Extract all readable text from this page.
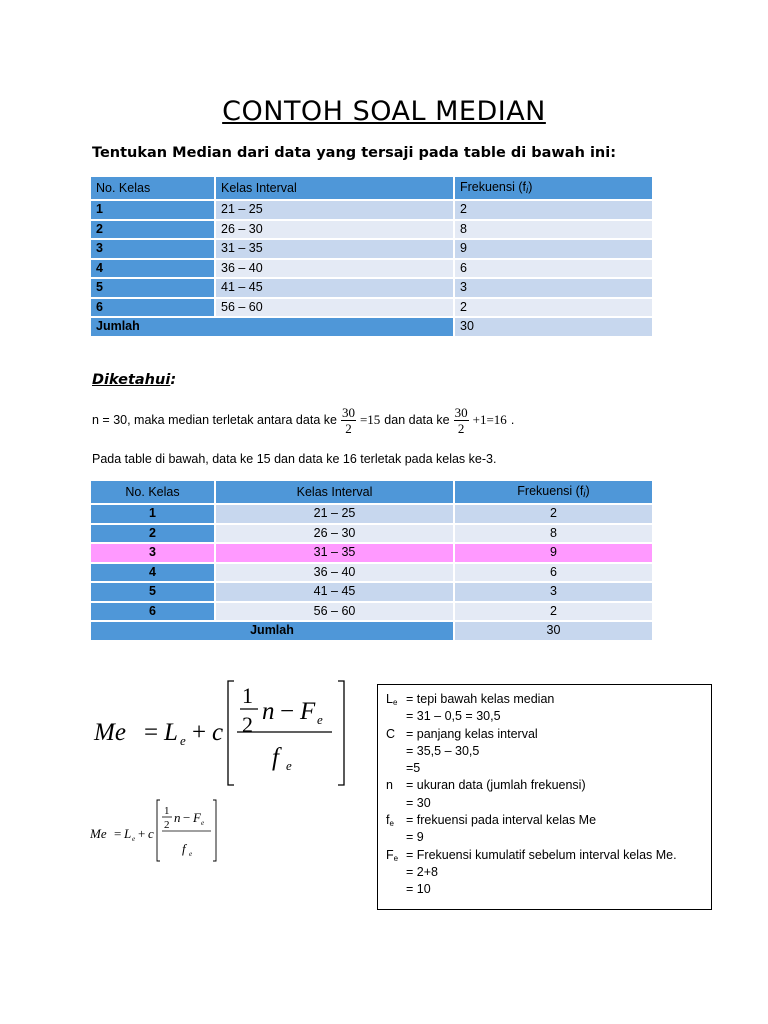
CONTOH SOAL MEDIAN
Tentukan Median dari data yang tersaji pada table di bawah ini:
No. Kelas	Kelas Interval	Frekuensi (fi)
1	21 – 25	2
2	26 – 30	8
3	31 – 35	9
4	36 – 40	6
5	41 – 45	3
6	56 – 60	2
Jumlah		30
Diketahui:
n = 30, maka median terletak antara data ke $\frac{30}{2} =15$ dan data ke $\frac{30}{2} +1=16$ .
Pada table di bawah, data ke 15 dan data ke 16 terletak pada kelas ke-3.
No. Kelas	Kelas Interval	Frekuensi (fi)
1	21 – 25	2
2	26 – 30	8
3	31 – 35	9
4	36 – 40	6
5	41 – 45	3
6	56 – 60	2
Jumlah		30
Me = L e + c
1
2 n − F e
f e
Me = L e + c
1
2 n − F e
f e
Le = tepi bawah kelas median
= 31 – 0,5 = 30,5
C = panjang kelas interval
= 35,5 – 30,5
=5
n	= ukuran data (jumlah frekuensi)
= 30
fe = frekuensi pada interval kelas Me
= 9
Fe = Frekuensi kumulatif sebelum interval kelas Me.
= 2+8
= 10
